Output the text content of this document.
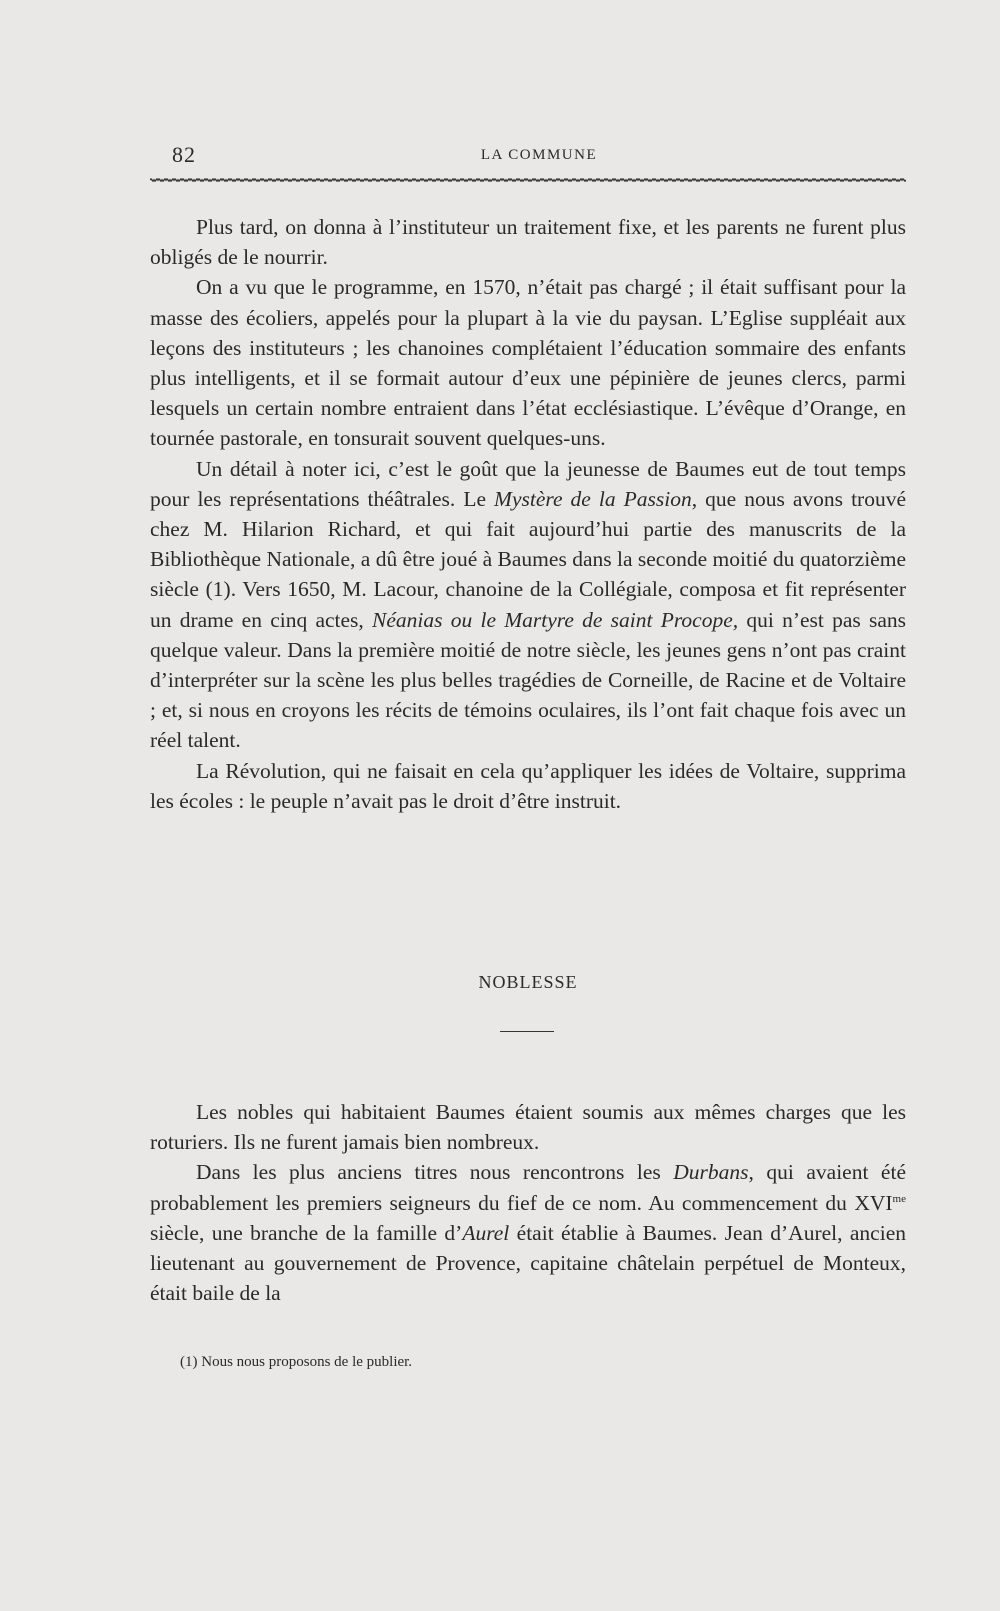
82	LA COMMUNE

Plus tard, on donna à l’instituteur un traitement fixe, et les parents ne furent plus obligés de le nourrir.

On a vu que le programme, en 1570, n’était pas chargé ; il était suffisant pour la masse des écoliers, appelés pour la plupart à la vie du paysan. L’Eglise suppléait aux leçons des instituteurs ; les chanoines complétaient l’éducation sommaire des enfants plus intelligents, et il se formait autour d’eux une pépinière de jeunes clercs, parmi lesquels un certain nombre entraient dans l’état ecclésiastique. L’évêque d’Orange, en tournée pastorale, en tonsurait souvent quelques-uns.

Un détail à noter ici, c’est le goût que la jeunesse de Baumes eut de tout temps pour les représentations théâtrales. Le Mystère de la Passion, que nous avons trouvé chez M. Hilarion Richard, et qui fait aujourd’hui partie des manuscrits de la Bibliothèque Nationale, a dû être joué à Baumes dans la seconde moitié du quatorzième siècle (1). Vers 1650, M. Lacour, chanoine de la Collégiale, composa et fit représenter un drame en cinq actes, Néanias ou le Martyre de saint Procope, qui n’est pas sans quelque valeur. Dans la première moitié de notre siècle, les jeunes gens n’ont pas craint d’interpréter sur la scène les plus belles tragédies de Corneille, de Racine et de Voltaire ; et, si nous en croyons les récits de témoins oculaires, ils l’ont fait chaque fois avec un réel talent.

La Révolution, qui ne faisait en cela qu’appliquer les idées de Voltaire, supprima les écoles : le peuple n’avait pas le droit d’être instruit.

NOBLESSE

Les nobles qui habitaient Baumes étaient soumis aux mêmes charges que les roturiers. Ils ne furent jamais bien nombreux.

Dans les plus anciens titres nous rencontrons les Durbans, qui avaient été probablement les premiers seigneurs du fief de ce nom. Au commencement du $XVI^{me}$ siècle, une branche de la famille d’Aurel était établie à Baumes. Jean d’Aurel, ancien lieutenant au gouvernement de Provence, capitaine châtelain perpétuel de Monteux, était baile de la

(1) Nous nous proposons de le publier.
